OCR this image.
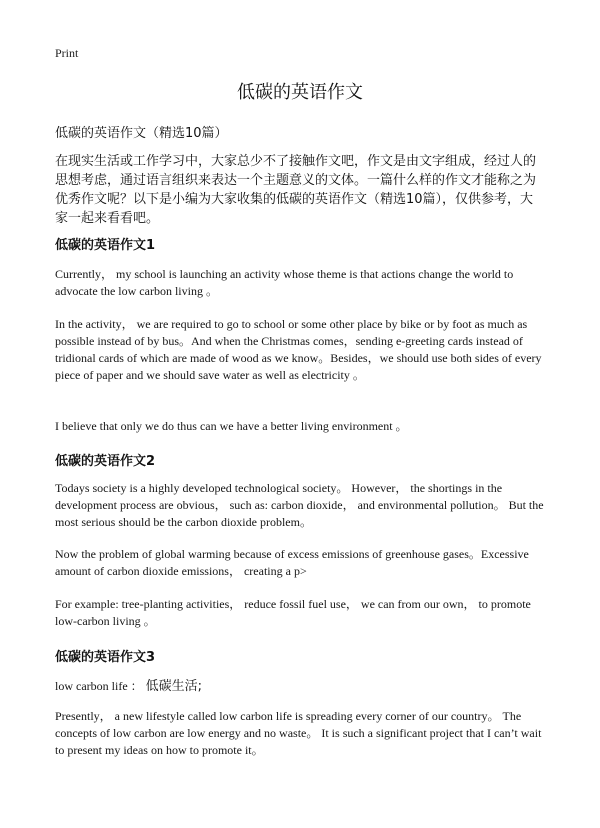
Print
低碳的英语作文
低碳的英语作文（精选10篇）

在现实生活或工作学习中，大家总少不了接触作文吧，作文是由文字组成，经过人的思想考虑，通过语言组织来表达一个主题意义的文体。一篇什么样的作文才能称之为优秀作文呢？以下是小编为大家收集的低碳的英语作文（精选10篇），仅供参考，大家一起来看看吧。

低碳的英语作文1

Currently， my school is launching an activity whose theme is that actions change the world to advocate the low carbon living 。

In the activity， we are required to go to school or some other place by bike or by foot as much as possible instead of by bus。And when the Christmas comes，sending e-greeting cards instead of tridional cards of which are made of wood as we know。Besides，we should use both sides of every piece of paper and we should save water as well as electricity 。

I believe that only we do thus can we have a better living environment 。

低碳的英语作文2

Todays society is a highly developed technological society。 However， the shortings in the development process are obvious， such as: carbon dioxide， and environmental pollution。 But the most serious should be the carbon dioxide problem。

Now the problem of global warming because of excess emissions of greenhouse gases。Excessive amount of carbon dioxide emissions， creating a p>

For example: tree-planting activities， reduce fossil fuel use， we can from our own， to promote low-carbon living 。

低碳的英语作文3
low carbon life ： 低碳生活;

Presently， a new lifestyle called low carbon life is spreading every corner of our country。 The concepts of low carbon are low energy and no waste。 It is such a significant project that I can’t wait to present my ideas on how to promote it。
